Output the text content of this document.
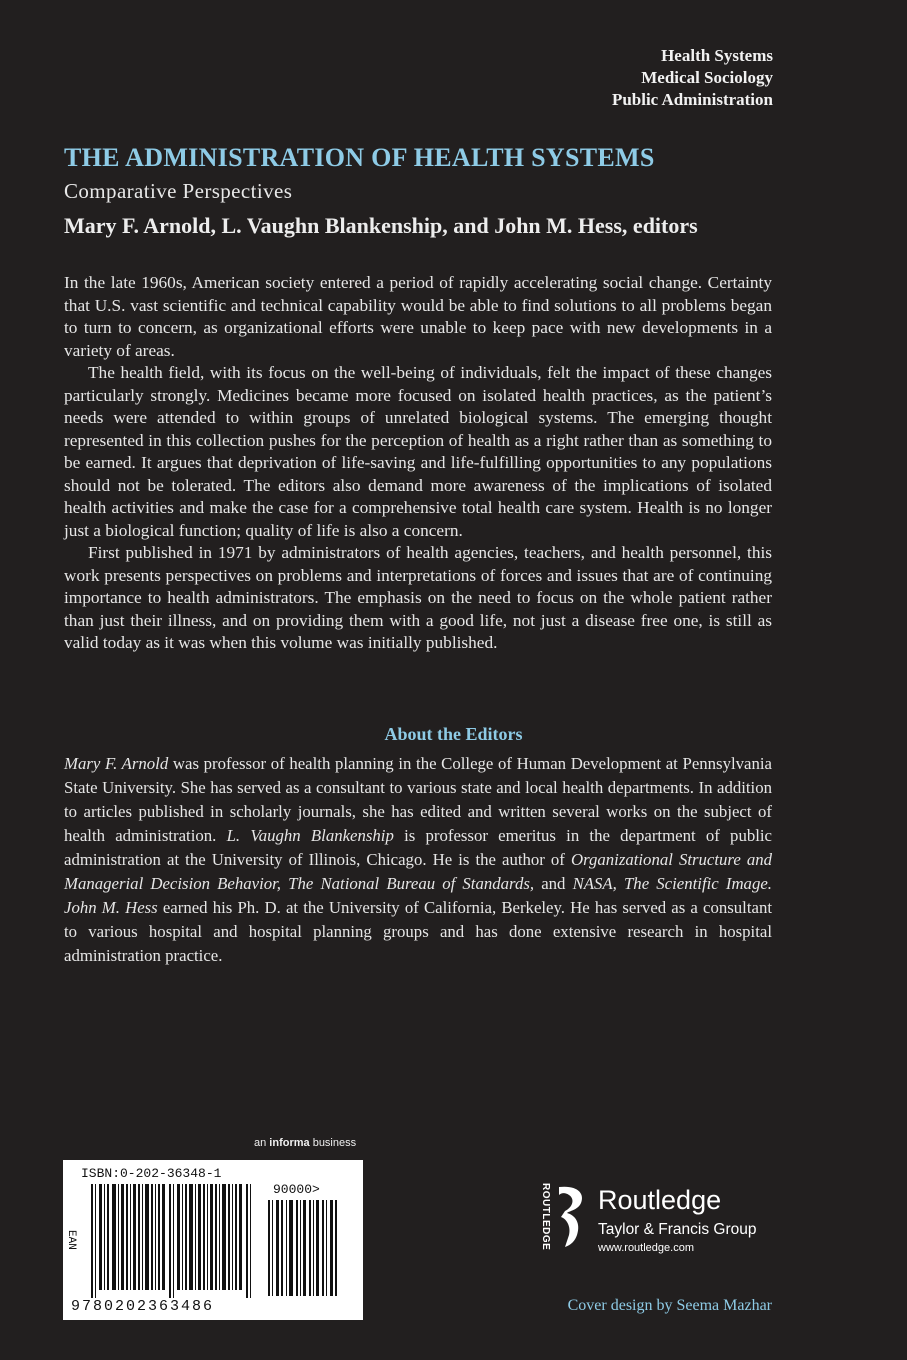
Health Systems
Medical Sociology
Public Administration
THE ADMINISTRATION OF HEALTH SYSTEMS
Comparative Perspectives
Mary F. Arnold, L. Vaughn Blankenship, and John M. Hess, editors

In the late 1960s, American society entered a period of rapidly accelerating social change. Certainty that U.S. vast scientific and technical capability would be able to find solutions to all problems began to turn to concern, as organizational efforts were unable to keep pace with new developments in a variety of areas.

The health field, with its focus on the well-being of individuals, felt the impact of these changes particularly strongly. Medicines became more focused on isolated health practices, as the patient’s needs were attended to within groups of unrelated biological systems. The emerging thought represented in this collection pushes for the perception of health as a right rather than as something to be earned. It argues that deprivation of life-saving and life-fulfilling opportunities to any populations should not be tolerated. The editors also demand more awareness of the implications of isolated health activities and make the case for a comprehensive total health care system. Health is no longer just a biological function; quality of life is also a concern.

First published in 1971 by administrators of health agencies, teachers, and health personnel, this work presents perspectives on problems and interpretations of forces and issues that are of continuing importance to health administrators. The emphasis on the need to focus on the whole patient rather than just their illness, and on providing them with a good life, not just a disease free one, is still as valid today as it was when this volume was initially published.

About the Editors
Mary F. Arnold was professor of health planning in the College of Human Development at Pennsylvania State University. She has served as a consultant to various state and local health departments. In addition to articles published in scholarly journals, she has edited and written several works on the subject of health administration. L. Vaughn Blankenship is professor emeritus in the department of public administration at the University of Illinois, Chicago. He is the author of Organizational Structure and Managerial Decision Behavior, The National Bureau of Standards, and NASA, The Scientific Image. John M. Hess earned his Ph. D. at the University of California, Berkeley. He has served as a consultant to various hospital and hospital planning groups and has done extensive research in hospital administration practice.
an informa business
ISBN:0-202-36348-1
90000>
EAN
9780202363486
ROUTLEDGE Routledge
Taylor & Francis Group
www.routledge.com
Cover design by Seema Mazhar
